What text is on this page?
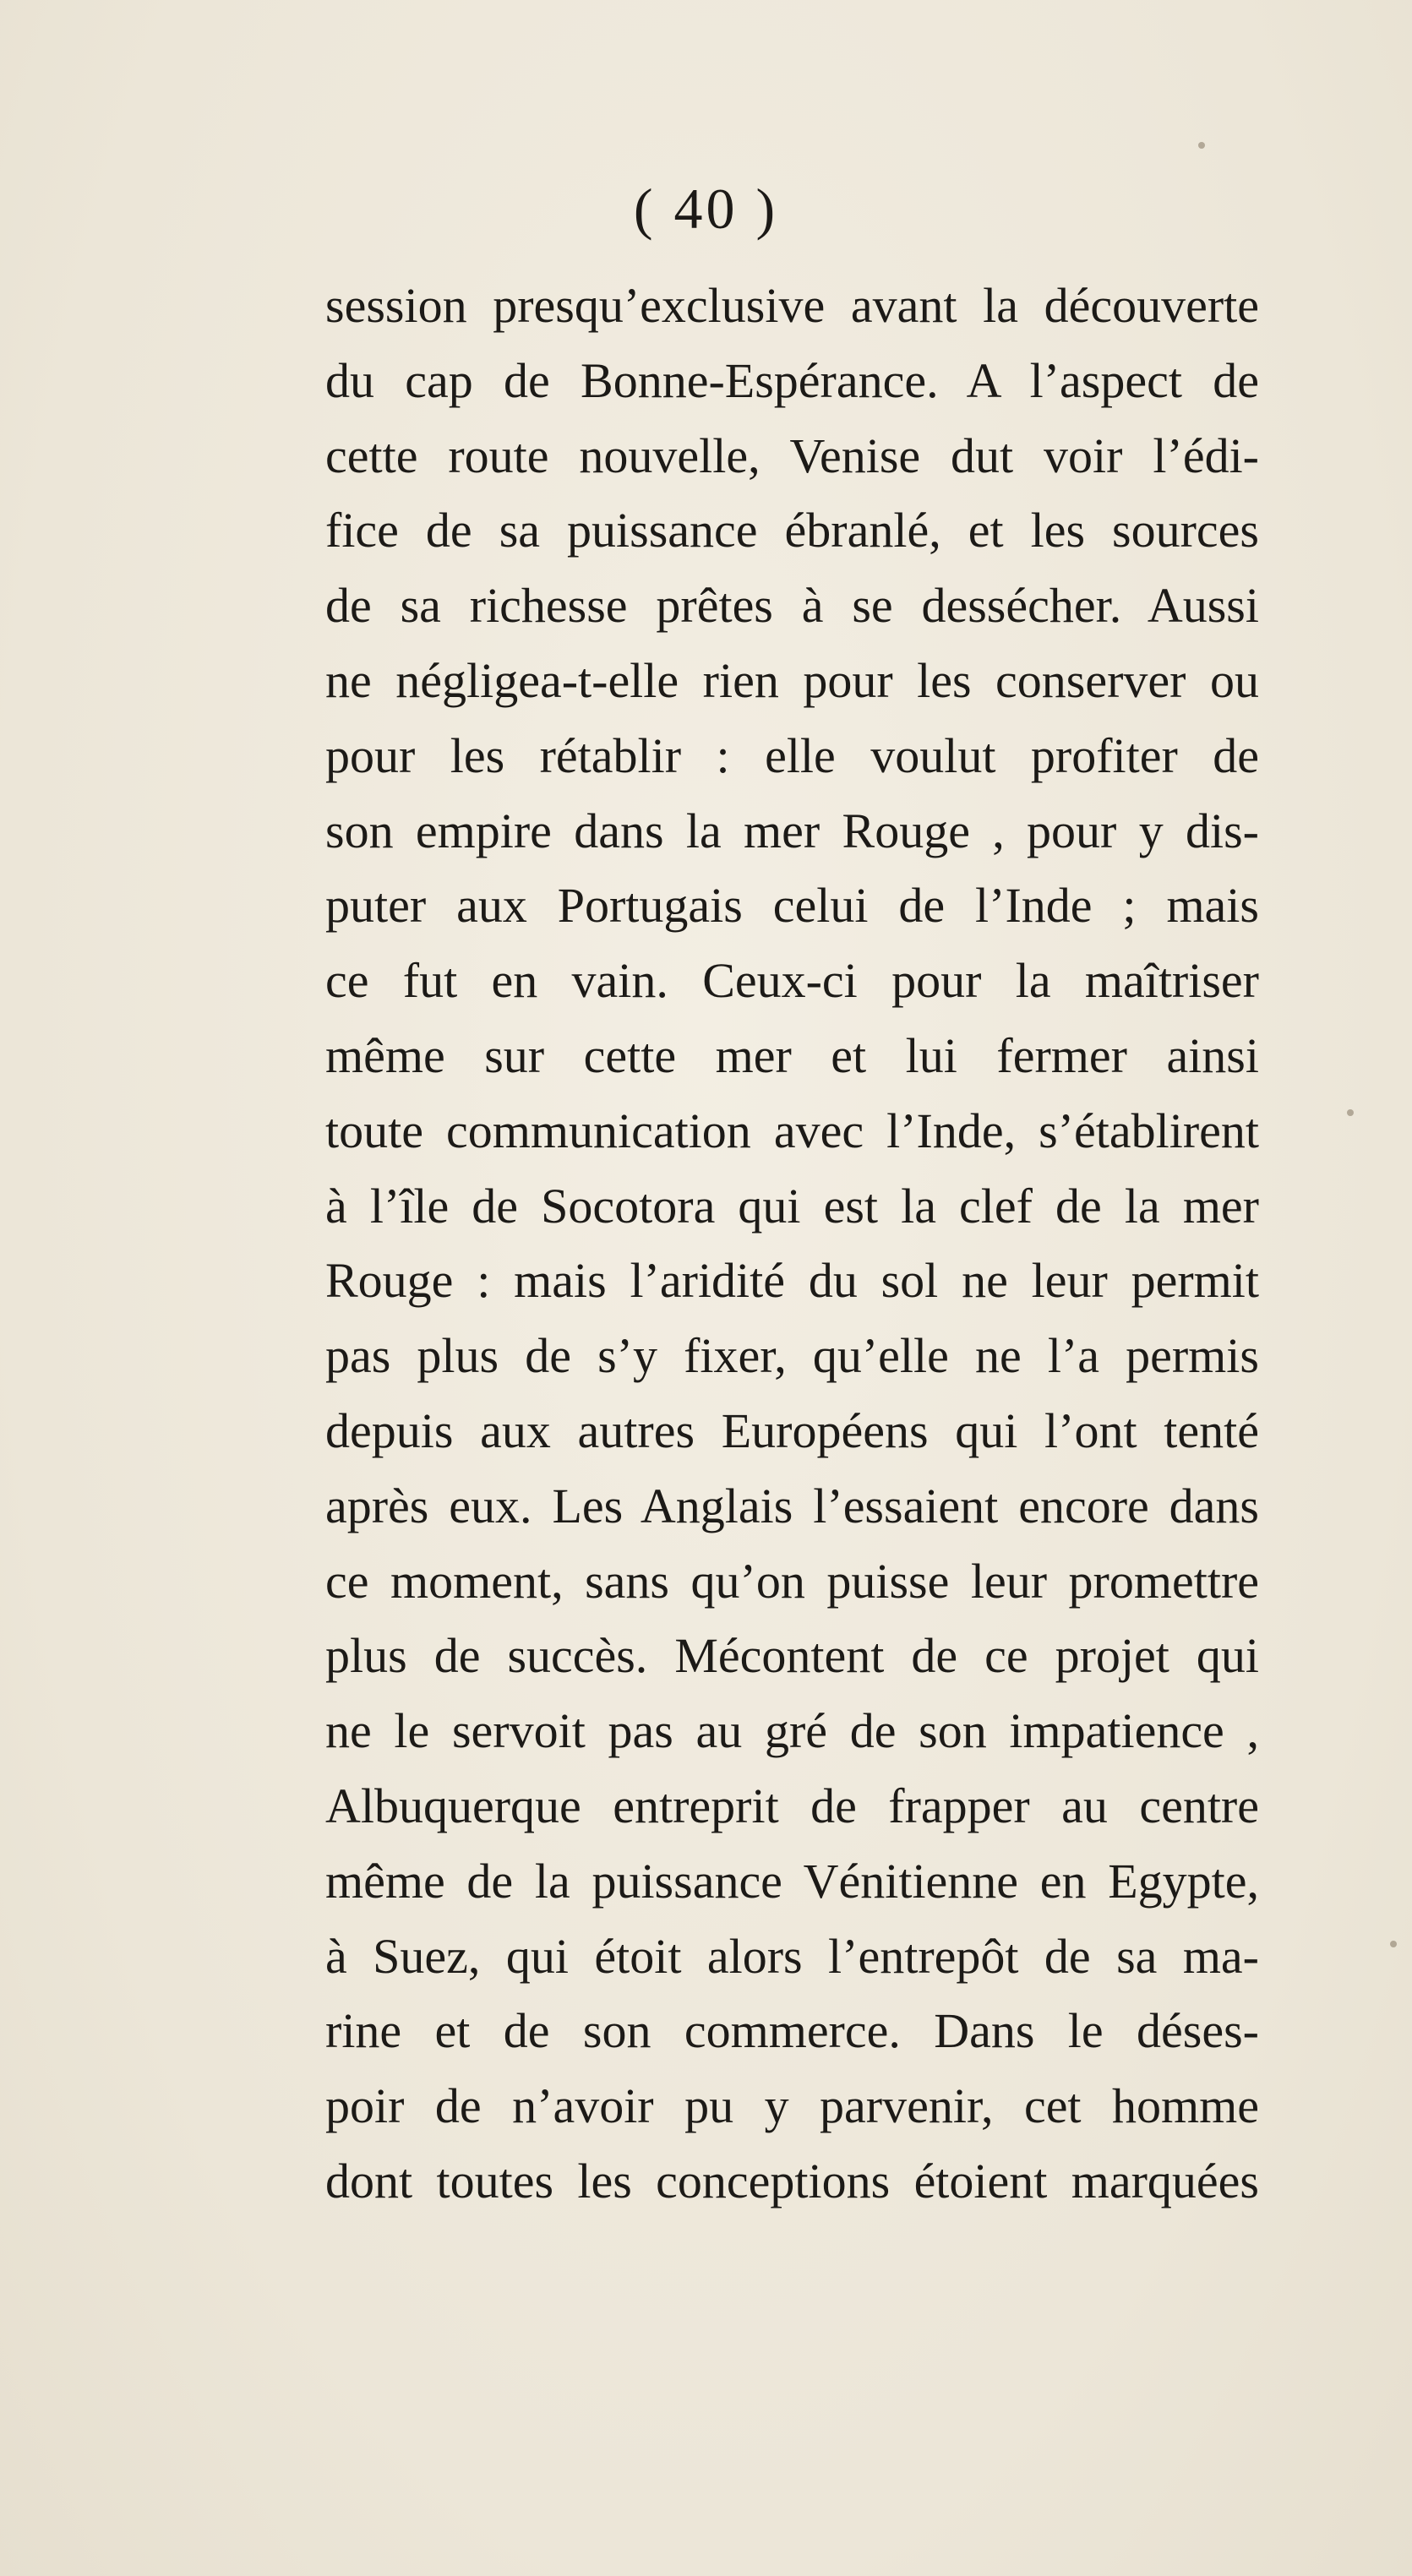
( 40 )
session presqu’exclusive avant la découverte
du cap de Bonne-Espérance. A l’aspect de
cette route nouvelle, Venise dut voir l’édi-
fice de sa puissance ébranlé, et les sources
de sa richesse prêtes à se dessécher. Aussi
ne négligea-t-elle rien pour les conserver ou
pour les rétablir : elle voulut profiter de
son empire dans la mer Rouge , pour y dis-
puter aux Portugais celui de l’Inde ; mais
ce fut en vain. Ceux-ci pour la maîtriser
même sur cette mer et lui fermer ainsi
toute communication avec l’Inde, s’établirent
à l’île de Socotora qui est la clef de la mer
Rouge : mais l’aridité du sol ne leur permit
pas plus de s’y fixer, qu’elle ne l’a permis
depuis aux autres Européens qui l’ont tenté
après eux. Les Anglais l’essaient encore dans
ce moment, sans qu’on puisse leur promettre
plus de succès. Mécontent de ce projet qui
ne le servoit pas au gré de son impatience ,
Albuquerque entreprit de frapper au centre
même de la puissance Vénitienne en Egypte,
à Suez, qui étoit alors l’entrepôt de sa ma-
rine et de son commerce. Dans le déses-
poir de n’avoir pu y parvenir, cet homme
dont toutes les conceptions étoient marquées
